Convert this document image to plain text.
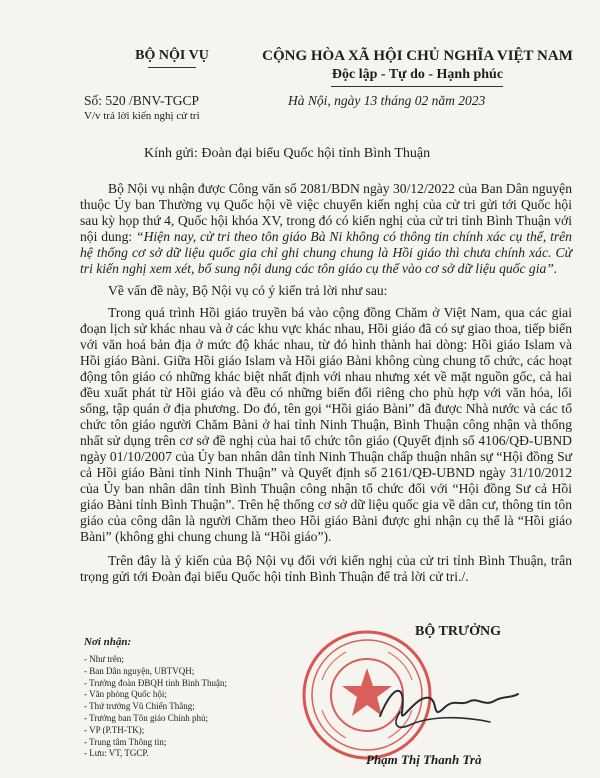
BỘ NỘI VỤ	CỘNG HÒA XÃ HỘI CHỦ NGHĨA VIỆT NAM
Độc lập - Tự do - Hạnh phúc
Số: 520 /BNV-TGCP
V/v trả lời kiến nghị cử tri
Hà Nội, ngày 13 tháng 02 năm 2023
Kính gửi: Đoàn đại biểu Quốc hội tỉnh Bình Thuận

Bộ Nội vụ nhận được Công văn số 2081/BDN ngày 30/12/2022 của Ban Dân nguyện thuộc Ủy ban Thường vụ Quốc hội về việc chuyển kiến nghị của cử tri gửi tới Quốc hội sau kỳ họp thứ 4, Quốc hội khóa XV, trong đó có kiến nghị của cử tri tỉnh Bình Thuận với nội dung: “Hiện nay, cử tri theo tôn giáo Bà Ni không có thông tin chính xác cụ thể, trên hệ thống cơ sở dữ liệu quốc gia chỉ ghi chung chung là Hồi giáo thì chưa chính xác. Cử tri kiến nghị xem xét, bổ sung nội dung các tôn giáo cụ thể vào cơ sở dữ liệu quốc gia”.

Về vấn đề này, Bộ Nội vụ có ý kiến trả lời như sau:

Trong quá trình Hồi giáo truyền bá vào cộng đồng Chăm ở Việt Nam, qua các giai đoạn lịch sử khác nhau và ở các khu vực khác nhau, Hồi giáo đã có sự giao thoa, tiếp biến với văn hoá bản địa ở mức độ khác nhau, từ đó hình thành hai dòng: Hồi giáo Islam và Hồi giáo Bàni. Giữa Hồi giáo Islam và Hồi giáo Bàni không cùng chung tổ chức, các hoạt động tôn giáo có những khác biệt nhất định với nhau nhưng xét về mặt nguồn gốc, cả hai đều xuất phát từ Hồi giáo và đều có những biến đổi riêng cho phù hợp với văn hóa, lối sống, tập quán ở địa phương. Do đó, tên gọi “Hồi giáo Bàni” đã được Nhà nước và các tổ chức tôn giáo người Chăm Bàni ở hai tỉnh Ninh Thuận, Bình Thuận công nhận và thống nhất sử dụng trên cơ sở đề nghị của hai tổ chức tôn giáo (Quyết định số 4106/QĐ-UBND ngày 01/10/2007 của Ủy ban nhân dân tỉnh Ninh Thuận chấp thuận nhân sự “Hội đồng Sư cả Hồi giáo Bàni tỉnh Ninh Thuận” và Quyết định số 2161/QĐ-UBND ngày 31/10/2012 của Ủy ban nhân dân tỉnh Bình Thuận công nhận tổ chức đối với “Hội đồng Sư cả Hồi giáo Bàni tỉnh Bình Thuận”. Trên hệ thống cơ sở dữ liệu quốc gia về dân cư, thông tin tôn giáo của công dân là người Chăm theo Hồi giáo Bàni được ghi nhận cụ thể là “Hồi giáo Bàni” (không ghi chung chung là “Hồi giáo”).

Trên đây là ý kiến của Bộ Nội vụ đối với kiến nghị của cử tri tỉnh Bình Thuận, trân trọng gửi tới Đoàn đại biểu Quốc hội tỉnh Bình Thuận để trả lời cử tri./.

BỘ TRƯỞNG
Phạm Thị Thanh Trà
Nơi nhận:
- Như trên;
- Ban Dân nguyện, UBTVQH;
- Trưởng đoàn ĐBQH tỉnh Bình Thuận;
- Văn phòng Quốc hội;
- Thứ trưởng Vũ Chiến Thắng;
- Trưởng ban Tôn giáo Chính phủ;
- VP (P.TH-TK);
- Trung tâm Thông tin;
- Lưu: VT, TGCP.
